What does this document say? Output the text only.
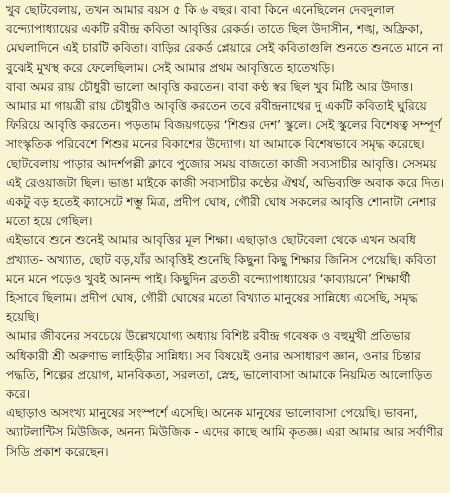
খুব ছোটবেলায়, তখন আমার বয়স ৫ কি ৬ বছর। বাবা কিনে এনেছিলেন দেবদুলাল বন্দ্যোপাধ্যায়ের একটি রবীন্দ্র কবিতা আবৃত্তির রেকর্ড। তাতে ছিল উদাসীন, শঙ্খ, অফ্রিকা, মেঘলাদিনে এই চারটি কবিতা। বাড়ির রেকর্ড প্লেয়ারে সেই কবিতাগুলি শুনতে শুনতে মানে না বুঝেই মুখস্থ করে ফেলেছিলাম। সেই আমার প্রথম আবৃত্তিতে হাতেখড়ি।

বাবা অমর রায় চৌধুরী ভালো আবৃত্তি করতেন। বাবা কণ্ঠ স্বর ছিল খুব মিষ্টি আর উদাত্ত। আমার মা গায়ত্রী রায় চৌধুরীও আবৃত্তি করতেন তবে রবীন্দ্রনাথের দু একটি কবিতাই ঘুরিয়ে ফিরিয়ে আবৃত্তি করতেন। পড়তাম বিজয়গড়ের ‘শিশুর দেশ’ স্কুলে। সেই স্কুলের বিশেষত্ব সম্পূর্ণ সাংস্কৃতিক পরিবেশে শিশুর মনের বিকাশের উদ্যোগ। যা আমাকে বিশেষভাবে সমৃদ্ধ করেছে। ছোটবেলায় পাড়ার আদর্শপল্লী ক্লাবে পুজোর সময় বাজতো কাজী সব্যসাচীর আবৃত্তি। সেসময় এই রেওয়াজটা ছিল। ভাঙা মাইকে কাজী সব্যসাচীর কণ্ঠের ঐশ্বর্য, অভিব্যক্তি অবাক করে দিত। একটু বড় হতেই ক্যাসেটে শম্ভু মিত্র, প্রদীপ ঘোষ, গৌরী ঘোষ সকলের আবৃত্তি শোনাটা নেশার মতো হয়ে গেছিল।

এইভাবে শুনে শুনেই আমার আবৃত্তির মূল শিক্ষা। এছাড়াও ছোটবেলা থেকে এখন অবধি প্রখ্যাত- অখ্যাত, ছোট বড়,যাঁর আবৃত্তিই শুনেছি কিছুনা কিছু শিক্ষার জিনিস পেয়েছি। কবিতা মনে মনে পড়েও খুবই আনন্দ পাই। কিছুদিন ব্রততী বন্দ্যোপাধ্যায়ের ‘কাব্যায়নে’ শিক্ষার্থী হিসাবে ছিলাম। প্রদীপ ঘোষ, গৌরী ঘোষের মতো বিখ্যাত মানুষের সান্নিধ্যে এসেছি, সমৃদ্ধ হয়েছি।

আমার জীবনের সবচেয়ে উল্লেখযোগ্য অধ্যায় বিশিষ্ট রবীন্দ্র গবেষক ও বহুমুখী প্রতিভার অধিকারী শ্রী অরুণাভ লাহিড়ীর সান্নিধ্য। সব বিষয়েই ওনার অসাধারণ জ্ঞান, ওনার চিন্তার পদ্ধতি, শিল্পের প্রয়োগ, মানবিকতা, সরলতা, স্নেহ, ভালোবাসা আমাকে নিয়মিত আলোড়িত করে।

এছাড়াও অসংখ্য মানুষের সংস্পর্শে এসেছি। অনেক মানুষের ভালোবাসা পেয়েছি। ভাবনা, অ্যাটলান্টিস মিউজিক, অনন্য মিউজিক - এদের কাছে আমি কৃতজ্ঞ। এরা আমার আর সর্বাণীর সিডি প্রকাশ করেছেন।
